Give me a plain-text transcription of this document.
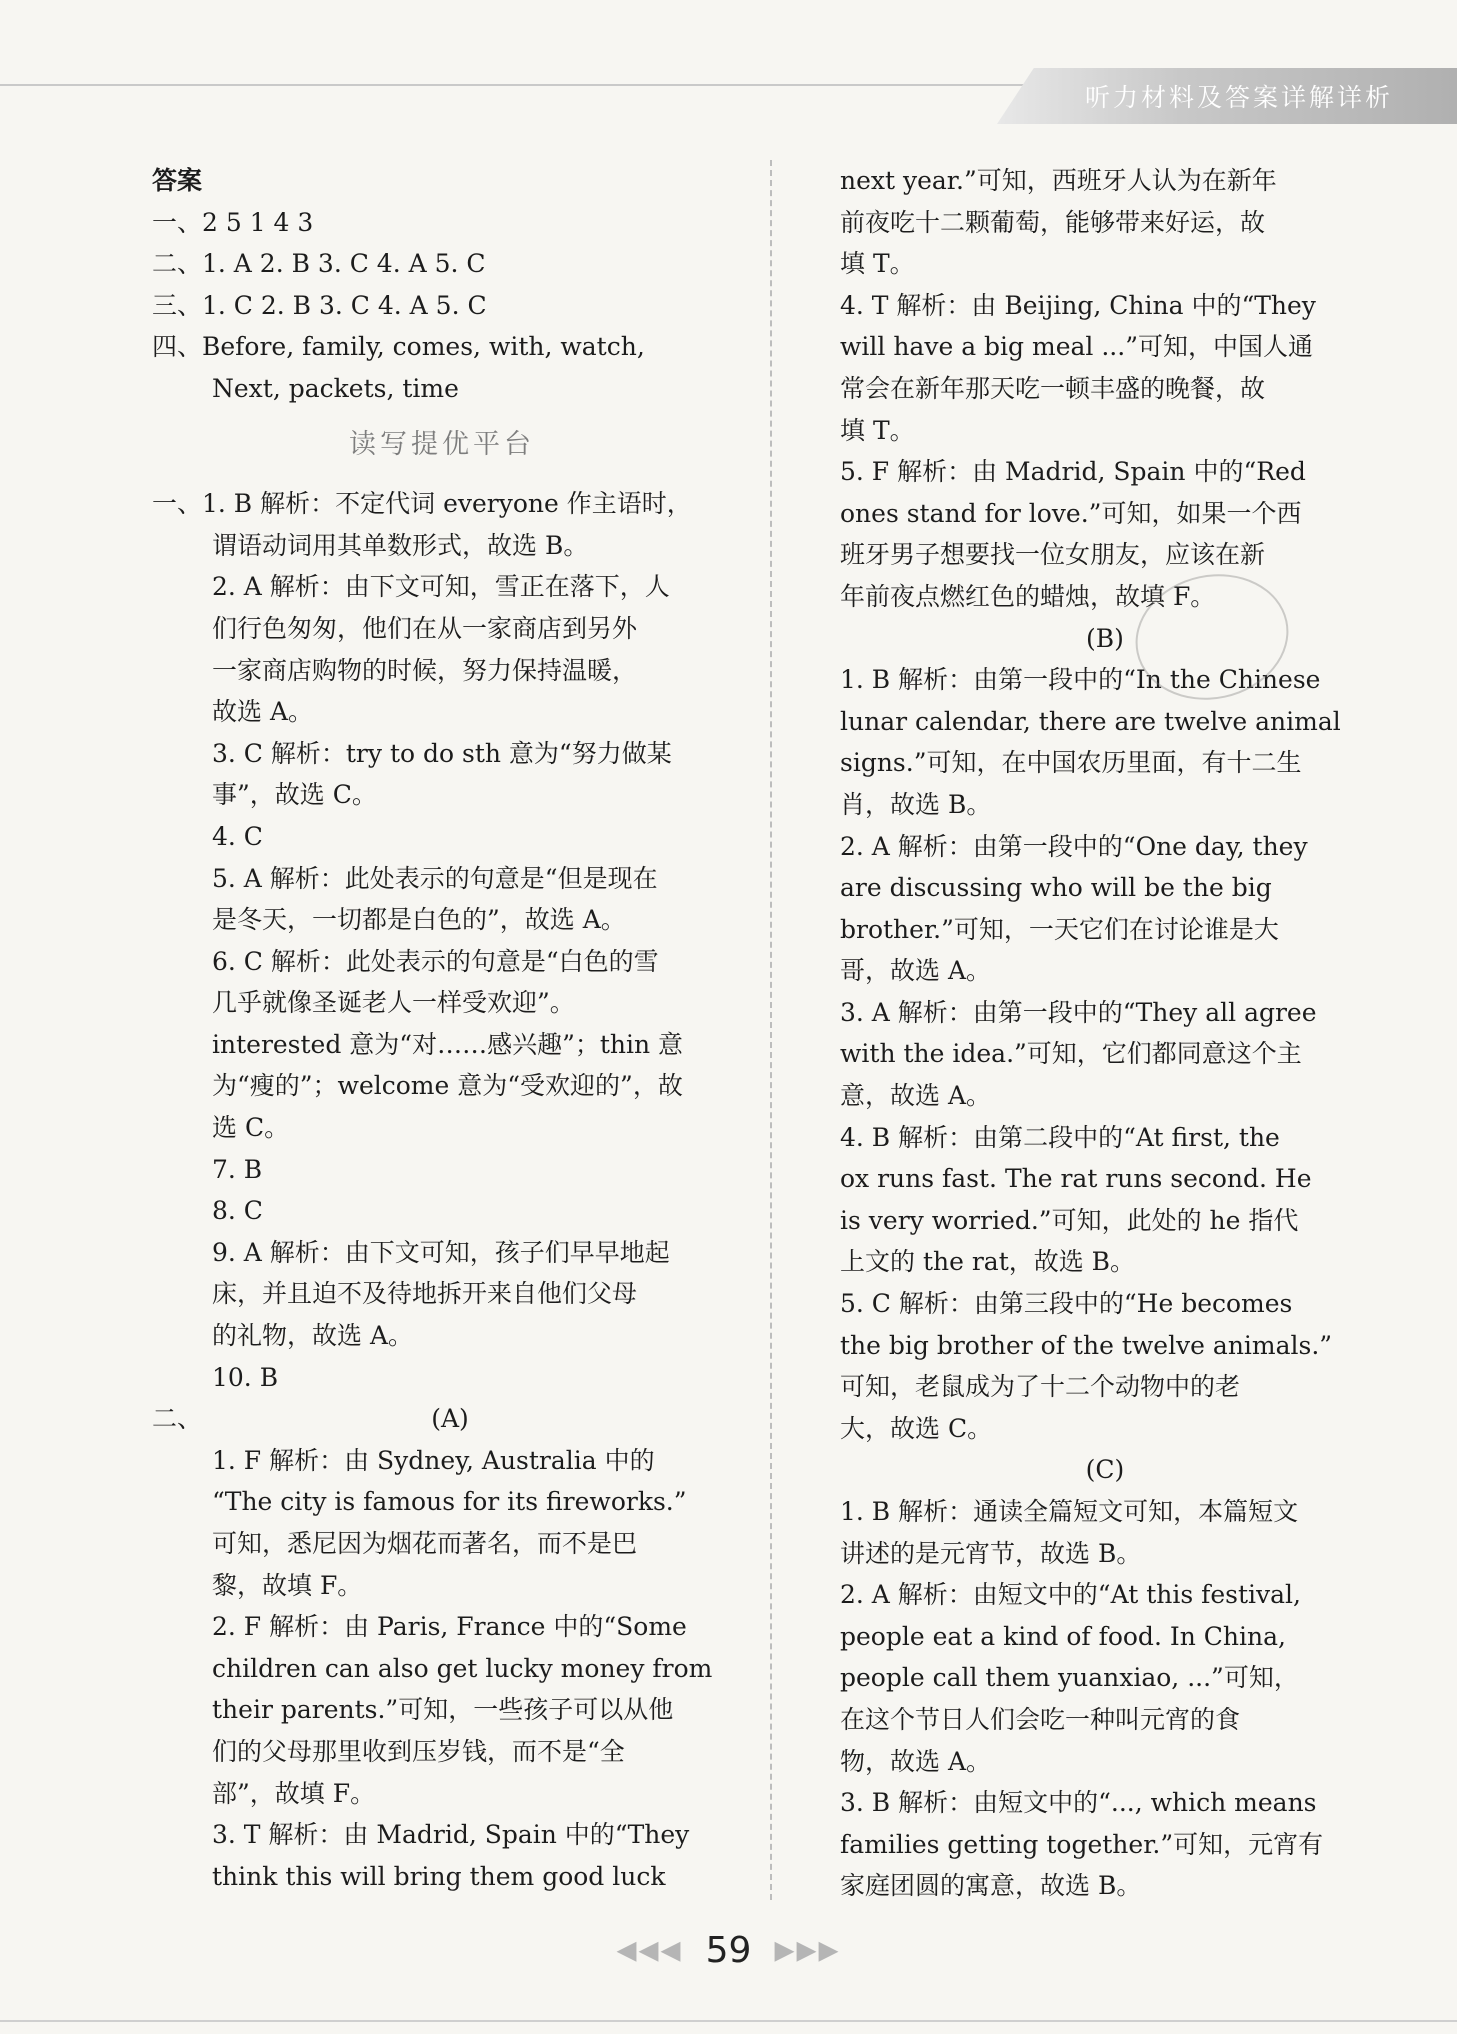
听力材料及答案详解详析
答案
一、2 5 1 4 3
二、1. A 2. B 3. C 4. A 5. C
三、1. C 2. B 3. C 4. A 5. C
四、Before, family, comes, with, watch,
Next, packets, time
读写提优平台
一、1. B 解析：不定代词 everyone 作主语时，
谓语动词用其单数形式，故选 B。
2. A 解析：由下文可知，雪正在落下，人
们行色匆匆，他们在从一家商店到另外
一家商店购物的时候，努力保持温暖，
故选 A。
3. C 解析：try to do sth 意为“努力做某
事”，故选 C。
4. C
5. A 解析：此处表示的句意是“但是现在
是冬天，一切都是白色的”，故选 A。
6. C 解析：此处表示的句意是“白色的雪
几乎就像圣诞老人一样受欢迎”。
interested 意为“对……感兴趣”；thin 意
为“瘦的”；welcome 意为“受欢迎的”，故
选 C。
7. B
8. C
9. A 解析：由下文可知，孩子们早早地起
床，并且迫不及待地拆开来自他们父母
的礼物，故选 A。
10. B
二、	(A)
1. F 解析：由 Sydney, Australia 中的
“The city is famous for its fireworks.”
可知，悉尼因为烟花而著名，而不是巴
黎，故填 F。
2. F 解析：由 Paris, France 中的“Some
children can also get lucky money from
their parents.”可知，一些孩子可以从他
们的父母那里收到压岁钱，而不是“全
部”，故填 F。
3. T 解析：由 Madrid, Spain 中的“They
think this will bring them good luck
next year.”可知，西班牙人认为在新年
前夜吃十二颗葡萄，能够带来好运，故
填 T。
4. T 解析：由 Beijing, China 中的“They
will have a big meal ...”可知，中国人通
常会在新年那天吃一顿丰盛的晚餐，故
填 T。
5. F 解析：由 Madrid, Spain 中的“Red
ones stand for love.”可知，如果一个西
班牙男子想要找一位女朋友，应该在新
年前夜点燃红色的蜡烛，故填 F。
(B)
1. B 解析：由第一段中的“In the Chinese
lunar calendar, there are twelve animal
signs.”可知，在中国农历里面，有十二生
肖，故选 B。
2. A 解析：由第一段中的“One day, they
are discussing who will be the big
brother.”可知，一天它们在讨论谁是大
哥，故选 A。
3. A 解析：由第一段中的“They all agree
with the idea.”可知，它们都同意这个主
意，故选 A。
4. B 解析：由第二段中的“At first, the
ox runs fast. The rat runs second. He
is very worried.”可知，此处的 he 指代
上文的 the rat，故选 B。
5. C 解析：由第三段中的“He becomes
the big brother of the twelve animals.”
可知，老鼠成为了十二个动物中的老
大，故选 C。
(C)
1. B 解析：通读全篇短文可知，本篇短文
讲述的是元宵节，故选 B。
2. A 解析：由短文中的“At this festival,
people eat a kind of food. In China,
people call them yuanxiao, ...”可知，
在这个节日人们会吃一种叫元宵的食
物，故选 A。
3. B 解析：由短文中的“..., which means
families getting together.”可知，元宵有
家庭团圆的寓意，故选 B。
◀◀◀ 59 ▶▶▶
